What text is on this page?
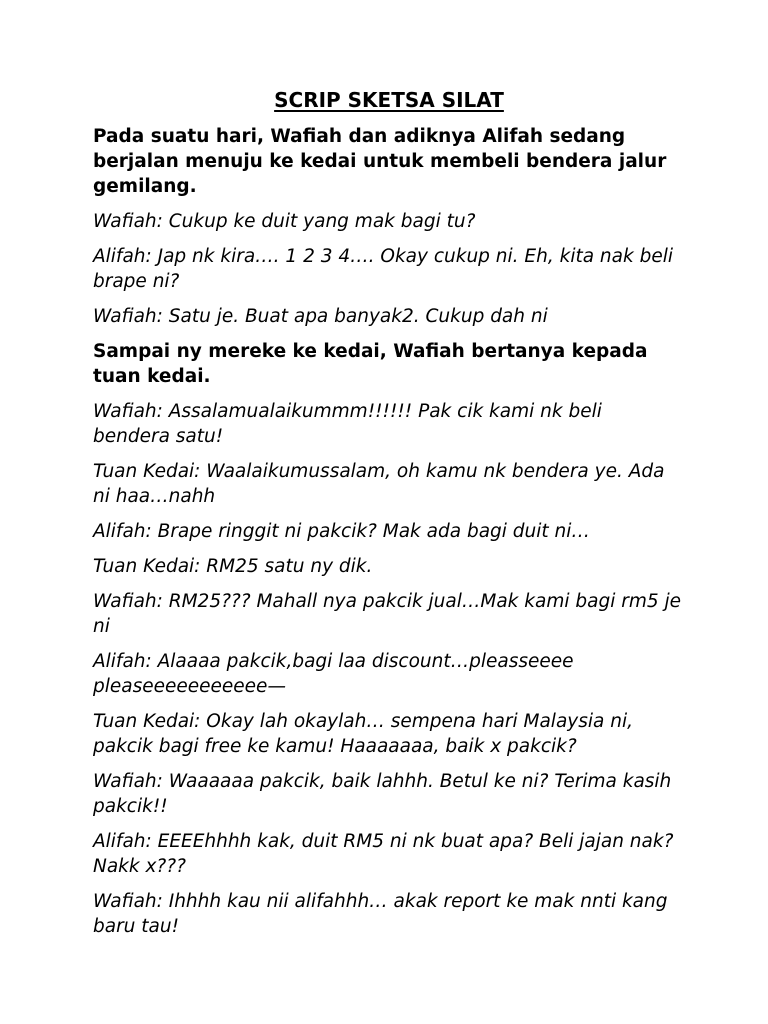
SCRIP SKETSA SILAT

Pada suatu hari, Wafiah dan adiknya Alifah sedang berjalan menuju ke kedai untuk membeli bendera jalur gemilang.

Wafiah: Cukup ke duit yang mak bagi tu?

Alifah: Jap nk kira…. 1 2 3 4…. Okay cukup ni. Eh, kita nak beli brape ni?

Wafiah: Satu je. Buat apa banyak2. Cukup dah ni

Sampai ny mereke ke kedai, Wafiah bertanya kepada tuan kedai.

Wafiah: Assalamualaikummm!!!!!! Pak cik kami nk beli bendera satu!

Tuan Kedai: Waalaikumussalam, oh kamu nk bendera ye. Ada ni haa…nahh

Alifah: Brape ringgit ni pakcik? Mak ada bagi duit ni…

Tuan Kedai: RM25 satu ny dik.

Wafiah: RM25??? Mahall nya pakcik jual…Mak kami bagi rm5 je ni

Alifah: Alaaaa pakcik,bagi laa discount…pleasseeee pleaseeeeeeeeeee—

Tuan Kedai: Okay lah okaylah… sempena hari Malaysia ni, pakcik bagi free ke kamu! Haaaaaaa, baik x pakcik?

Wafiah: Waaaaaa pakcik, baik lahhh. Betul ke ni? Terima kasih pakcik!!

Alifah: EEEEhhhh kak, duit RM5 ni nk buat apa? Beli jajan nak? Nakk x???

Wafiah: Ihhhh kau nii alifahhh… akak report ke mak nnti kang baru tau!
